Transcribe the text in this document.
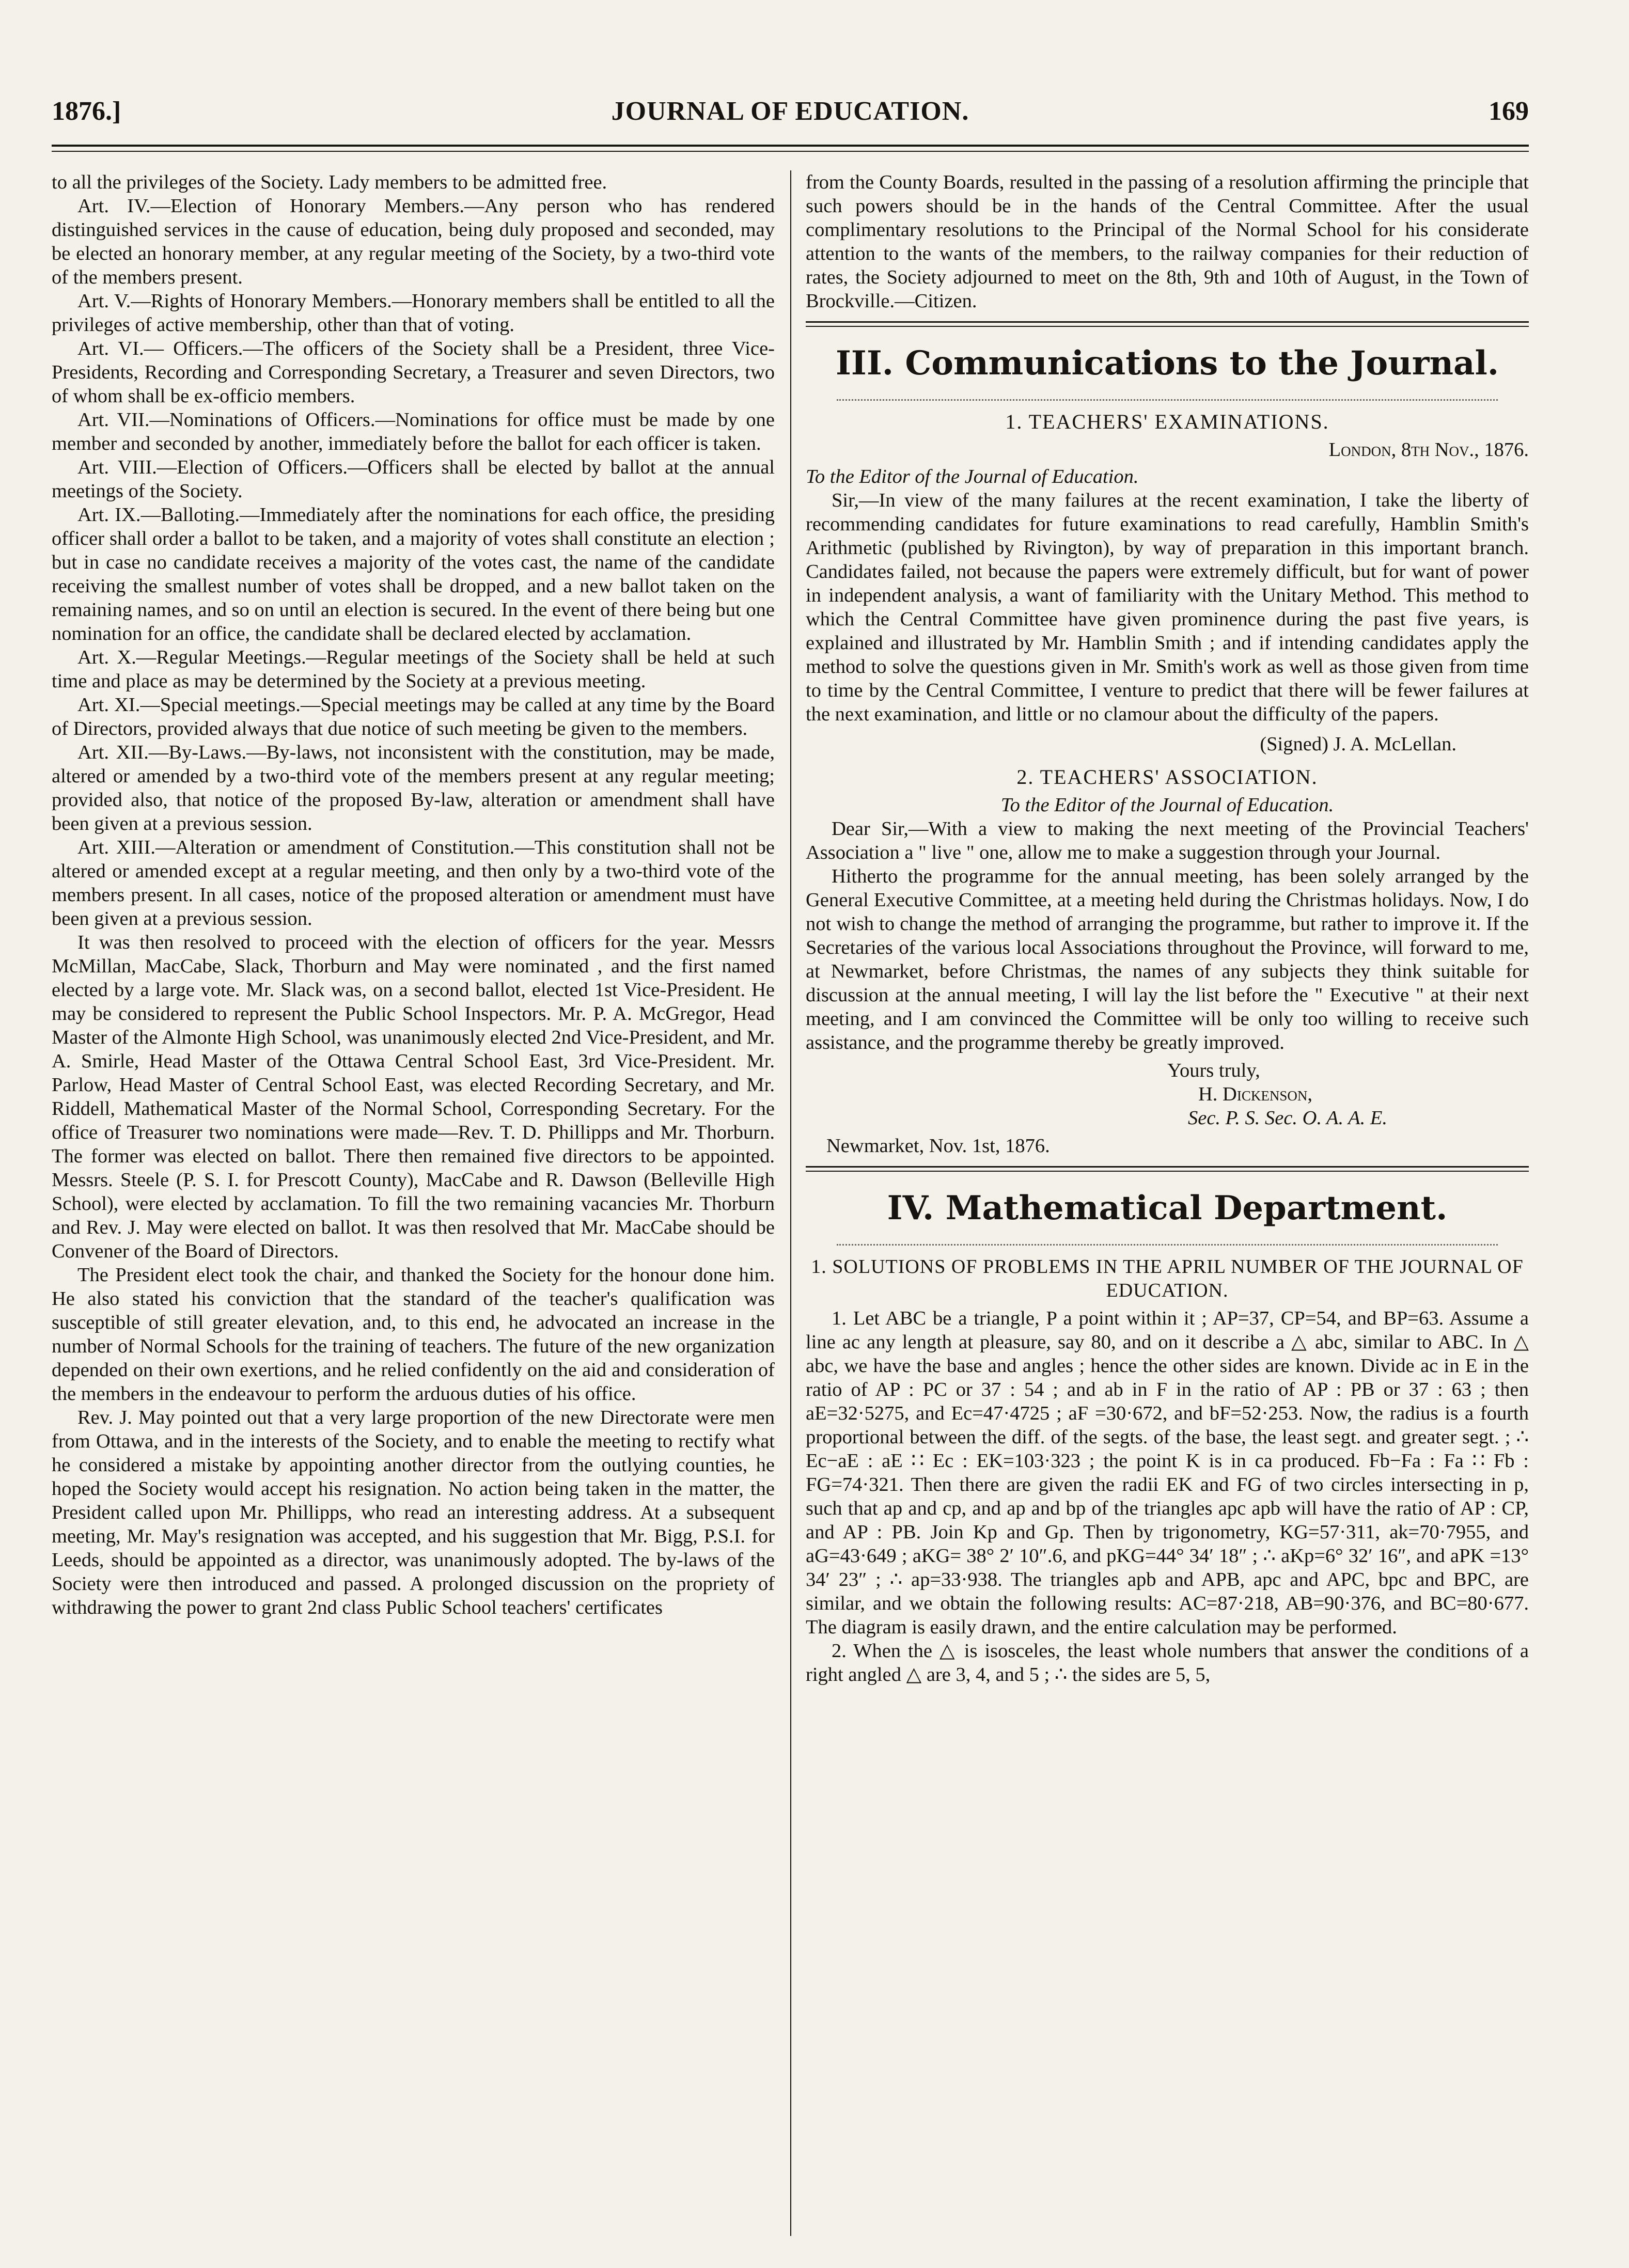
1876.]	JOURNAL OF EDUCATION.	169

to all the privileges of the Society. Lady members to be admitted free.

Art. IV.—Election of Honorary Members.—Any person who has rendered distinguished services in the cause of education, being duly proposed and seconded, may be elected an honorary member, at any regular meeting of the Society, by a two-third vote of the members present.

Art. V.—Rights of Honorary Members.—Honorary members shall be entitled to all the privileges of active membership, other than that of voting.

Art. VI.— Officers.—The officers of the Society shall be a President, three Vice-Presidents, Recording and Corresponding Secretary, a Treasurer and seven Directors, two of whom shall be ex-officio members.

Art. VII.—Nominations of Officers.—Nominations for office must be made by one member and seconded by another, immediately before the ballot for each officer is taken.

Art. VIII.—Election of Officers.—Officers shall be elected by ballot at the annual meetings of the Society.

Art. IX.—Balloting.—Immediately after the nominations for each office, the presiding officer shall order a ballot to be taken, and a majority of votes shall constitute an election ; but in case no candidate receives a majority of the votes cast, the name of the candidate receiving the smallest number of votes shall be dropped, and a new ballot taken on the remaining names, and so on until an election is secured. In the event of there being but one nomination for an office, the candidate shall be declared elected by acclamation.

Art. X.—Regular Meetings.—Regular meetings of the Society shall be held at such time and place as may be determined by the Society at a previous meeting.

Art. XI.—Special meetings.—Special meetings may be called at any time by the Board of Directors, provided always that due notice of such meeting be given to the members.

Art. XII.—By-Laws.—By-laws, not inconsistent with the constitution, may be made, altered or amended by a two-third vote of the members present at any regular meeting; provided also, that notice of the proposed By-law, alteration or amendment shall have been given at a previous session.

Art. XIII.—Alteration or amendment of Constitution.—This constitution shall not be altered or amended except at a regular meeting, and then only by a two-third vote of the members present. In all cases, notice of the proposed alteration or amendment must have been given at a previous session.

It was then resolved to proceed with the election of officers for the year. Messrs McMillan, MacCabe, Slack, Thorburn and May were nominated , and the first named elected by a large vote. Mr. Slack was, on a second ballot, elected 1st Vice-President. He may be considered to represent the Public School Inspectors. Mr. P. A. McGregor, Head Master of the Almonte High School, was unanimously elected 2nd Vice-President, and Mr. A. Smirle, Head Master of the Ottawa Central School East, 3rd Vice-President. Mr. Parlow, Head Master of Central School East, was elected Recording Secretary, and Mr. Riddell, Mathematical Master of the Normal School, Corresponding Secretary. For the office of Treasurer two nominations were made—Rev. T. D. Phillipps and Mr. Thorburn. The former was elected on ballot. There then remained five directors to be appointed. Messrs. Steele (P. S. I. for Prescott County), MacCabe and R. Dawson (Belleville High School), were elected by acclamation. To fill the two remaining vacancies Mr. Thorburn and Rev. J. May were elected on ballot. It was then resolved that Mr. MacCabe should be Convener of the Board of Directors.

The President elect took the chair, and thanked the Society for the honour done him. He also stated his conviction that the standard of the teacher's qualification was susceptible of still greater elevation, and, to this end, he advocated an increase in the number of Normal Schools for the training of teachers. The future of the new organization depended on their own exertions, and he relied confidently on the aid and consideration of the members in the endeavour to perform the arduous duties of his office.

Rev. J. May pointed out that a very large proportion of the new Directorate were men from Ottawa, and in the interests of the Society, and to enable the meeting to rectify what he considered a mistake by appointing another director from the outlying counties, he hoped the Society would accept his resignation. No action being taken in the matter, the President called upon Mr. Phillipps, who read an interesting address. At a subsequent meeting, Mr. May's resignation was accepted, and his suggestion that Mr. Bigg, P.S.I. for Leeds, should be appointed as a director, was unanimously adopted. The by-laws of the Society were then introduced and passed. A prolonged discussion on the propriety of withdrawing the power to grant 2nd class Public School teachers' certificates

from the County Boards, resulted in the passing of a resolution affirming the principle that such powers should be in the hands of the Central Committee. After the usual complimentary resolutions to the Principal of the Normal School for his considerate attention to the wants of the members, to the railway companies for their reduction of rates, the Society adjourned to meet on the 8th, 9th and 10th of August, in the Town of Brockville.—Citizen.

III. Communications to the Journal.
1. TEACHERS' EXAMINATIONS.
London, 8th Nov., 1876.
To the Editor of the Journal of Education.

Sir,—In view of the many failures at the recent examination, I take the liberty of recommending candidates for future examinations to read carefully, Hamblin Smith's Arithmetic (published by Rivington), by way of preparation in this important branch. Candidates failed, not because the papers were extremely difficult, but for want of power in independent analysis, a want of familiarity with the Unitary Method. This method to which the Central Committee have given prominence during the past five years, is explained and illustrated by Mr. Hamblin Smith ; and if intending candidates apply the method to solve the questions given in Mr. Smith's work as well as those given from time to time by the Central Committee, I venture to predict that there will be fewer failures at the next examination, and little or no clamour about the difficulty of the papers.

(Signed) J. A. McLellan.
2. TEACHERS' ASSOCIATION.
To the Editor of the Journal of Education.

Dear Sir,—With a view to making the next meeting of the Provincial Teachers' Association a " live " one, allow me to make a suggestion through your Journal.

Hitherto the programme for the annual meeting, has been solely arranged by the General Executive Committee, at a meeting held during the Christmas holidays. Now, I do not wish to change the method of arranging the programme, but rather to improve it. If the Secretaries of the various local Associations throughout the Province, will forward to me, at Newmarket, before Christmas, the names of any subjects they think suitable for discussion at the annual meeting, I will lay the list before the " Executive " at their next meeting, and I am convinced the Committee will be only too willing to receive such assistance, and the programme thereby be greatly improved.

Yours truly,
H. Dickenson,
Sec. P. S. Sec. O. A. A. E.
Newmarket, Nov. 1st, 1876.
IV. Mathematical Department.
1. SOLUTIONS OF PROBLEMS IN THE APRIL NUMBER OF THE JOURNAL OF EDUCATION.

1. Let ABC be a triangle, P a point within it ; AP=37, CP=54, and BP=63. Assume a line ac any length at pleasure, say 80, and on it describe a △ abc, similar to ABC. In △ abc, we have the base and angles ; hence the other sides are known. Divide ac in E in the ratio of AP : PC or 37 : 54 ; and ab in F in the ratio of AP : PB or 37 : 63 ; then aE=32·5275, and Ec=47·4725 ; aF =30·672, and bF=52·253. Now, the radius is a fourth proportional between the diff. of the segts. of the base, the least segt. and greater segt. ; ∴ Ec−aE : aE ∷ Ec : EK=103·323 ; the point K is in ca produced. Fb−Fa : Fa ∷ Fb : FG=74·321. Then there are given the radii EK and FG of two circles intersecting in p, such that ap and cp, and ap and bp of the triangles apc apb will have the ratio of AP : CP, and AP : PB. Join Kp and Gp. Then by trigonometry, KG=57·311, ak=70·7955, and aG=43·649 ; aKG= 38° 2′ 10″.6, and pKG=44° 34′ 18″ ; ∴ aKp=6° 32′ 16″, and aPK =13° 34′ 23″ ; ∴ ap=33·938. The triangles apb and APB, apc and APC, bpc and BPC, are similar, and we obtain the following results: AC=87·218, AB=90·376, and BC=80·677. The diagram is easily drawn, and the entire calculation may be performed.

2. When the △ is isosceles, the least whole numbers that answer the conditions of a right angled △ are 3, 4, and 5 ; ∴ the sides are 5, 5,
